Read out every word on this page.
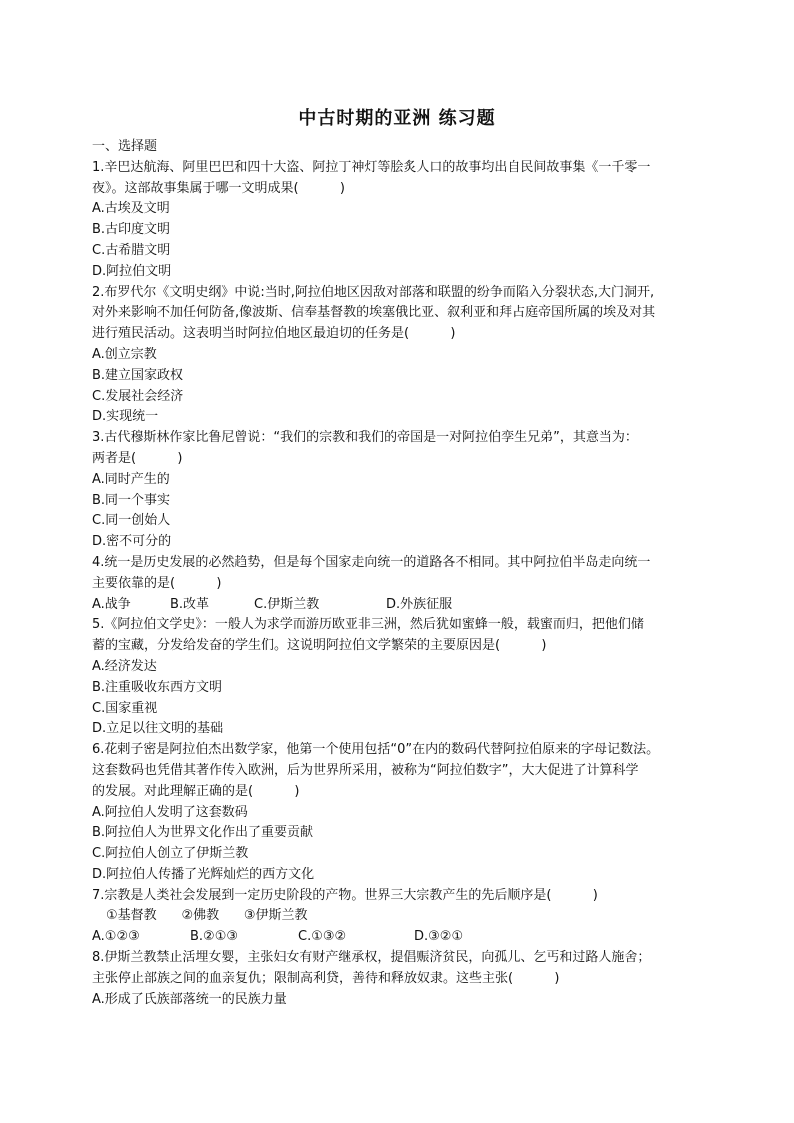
中古时期的亚洲 练习题
一、选择题
1.辛巴达航海、阿里巴巴和四十大盗、阿拉丁神灯等脍炙人口的故事均出自民间故事集《一千零一
夜》。这部故事集属于哪一文明成果(          )
A.古埃及文明
B.古印度文明
C.古希腊文明
D.阿拉伯文明
2.布罗代尔《文明史纲》中说:当时,阿拉伯地区因敌对部落和联盟的纷争而陷入分裂状态,大门洞开,
对外来影响不加任何防备,像波斯、信奉基督教的埃塞俄比亚、叙利亚和拜占庭帝国所属的埃及对其
进行殖民活动。这表明当时阿拉伯地区最迫切的任务是(          )
A.创立宗教
B.建立国家政权
C.发展社会经济
D.实现统一
3.古代穆斯林作家比鲁尼曾说：“我们的宗教和我们的帝国是一对阿拉伯孪生兄弟”，其意当为：
两者是(          )
A.同时产生的
B.同一个事实
C.同一创始人
D.密不可分的
4.统一是历史发展的必然趋势，但是每个国家走向统一的道路各不相同。其中阿拉伯半岛走向统一
主要依靠的是(          )
A.战争	B.改革	C.伊斯兰教	D.外族征服
5.《阿拉伯文学史》：一般人为求学而游历欧亚非三洲，然后犹如蜜蜂一般，载蜜而归，把他们储
蓄的宝藏，分发给发奋的学生们。这说明阿拉伯文学繁荣的主要原因是(          )
A.经济发达
B.注重吸收东西方文明
C.国家重视
D.立足以往文明的基础
6.花剌子密是阿拉伯杰出数学家，他第一个使用包括“0”在内的数码代替阿拉伯原来的字母记数法。
这套数码也凭借其著作传入欧洲，后为世界所采用，被称为“阿拉伯数字”，大大促进了计算科学
的发展。对此理解正确的是(          )
A.阿拉伯人发明了这套数码
B.阿拉伯人为世界文化作出了重要贡献
C.阿拉伯人创立了伊斯兰教
D.阿拉伯人传播了光辉灿烂的西方文化
7.宗教是人类社会发展到一定历史阶段的产物。世界三大宗教产生的先后顺序是(          )
①基督教      ②佛教      ③伊斯兰教
A.①②③	B.②①③	C.①③②	D.③②①
8.伊斯兰教禁止活埋女婴，主张妇女有财产继承权，提倡赈济贫民，向孤儿、乞丐和过路人施舍；
主张停止部族之间的血亲复仇；限制高利贷，善待和释放奴隶。这些主张(          )
A.形成了氏族部落统一的民族力量
